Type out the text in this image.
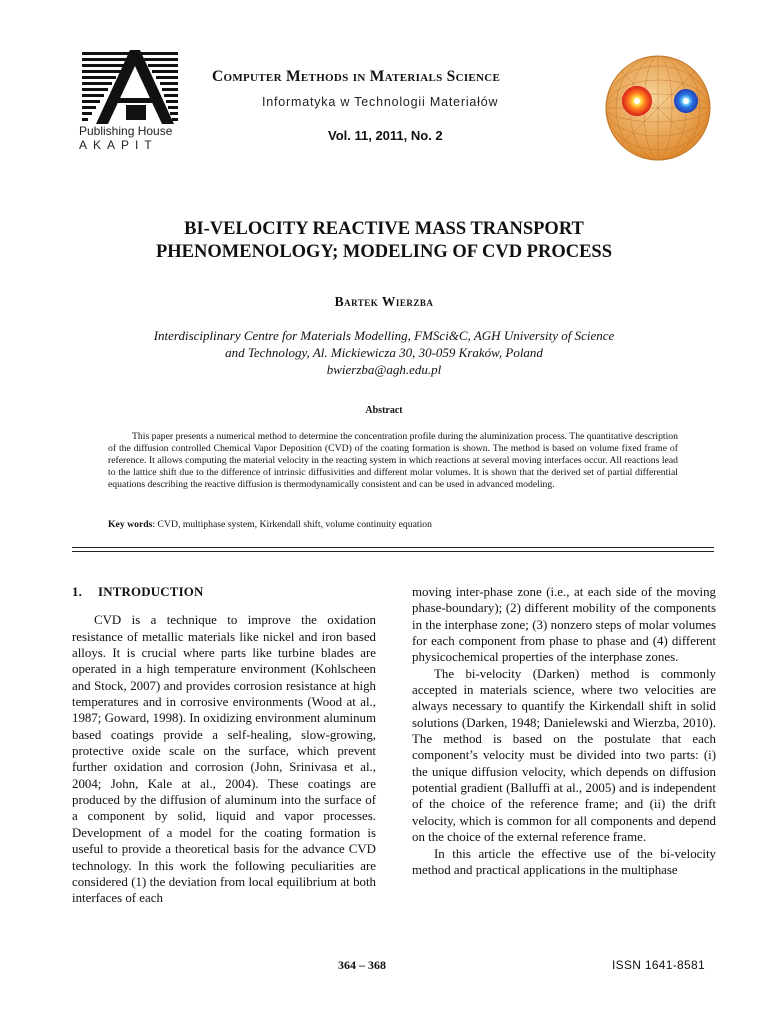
Publishing House
AKAPIT
Computer Methods in Materials Science
Informatyka w Technologii Materiałów
Vol. 11, 2011, No. 2
BI-VELOCITY REACTIVE MASS TRANSPORT
PHENOMENOLOGY; MODELING OF CVD PROCESS
Bartek Wierzba
Interdisciplinary Centre for Materials Modelling, FMSci&C, AGH University of Science
and Technology, Al. Mickiewicza 30, 30-059 Kraków, Poland
bwierzba@agh.edu.pl
Abstract
This paper presents a numerical method to determine the concentration profile during the aluminization process. The quantitative description of the diffusion controlled Chemical Vapor Deposition (CVD) of the coating formation is shown. The method is based on volume fixed frame of reference. It allows computing the material velocity in the reacting system in which reactions at several moving interfaces occur. All reactions lead to the lattice shift due to the difference of intrinsic diffusivities and different molar volumes. It is shown that the derived set of partial differential equations describing the reactive diffusion is thermodynamically consistent and can be used in advanced modeling.
Key words: CVD, multiphase system, Kirkendall shift, volume continuity equation
1. INTRODUCTION

CVD is a technique to improve the oxidation resistance of metallic materials like nickel and iron based alloys. It is crucial where parts like turbine blades are operated in a high temperature environment (Kohlscheen and Stock, 2007) and provides corrosion resistance at high temperatures and in corrosive environments (Wood at al., 1987; Goward, 1998). In oxidizing environment aluminum based coatings provide a self-healing, slow-growing, protective oxide scale on the surface, which prevent further oxidation and corrosion (John, Srinivasa et al., 2004; John, Kale at al., 2004). These coatings are produced by the diffusion of aluminum into the surface of a component by solid, liquid and vapor processes. Development of a model for the coating formation is useful to provide a theoretical basis for the advance CVD technology. In this work the following peculiarities are considered (1) the deviation from local equilibrium at both interfaces of each

moving inter-phase zone (i.e., at each side of the moving phase-boundary); (2) different mobility of the components in the interphase zone; (3) nonzero steps of molar volumes for each component from phase to phase and (4) different physicochemical properties of the interphase zones.

The bi-velocity (Darken) method is commonly accepted in materials science, where two velocities are always necessary to quantify the Kirkendall shift in solid solutions (Darken, 1948; Danielewski and Wierzba, 2010). The method is based on the postulate that each component’s velocity must be divided into two parts: (i) the unique diffusion velocity, which depends on diffusion potential gradient (Balluffi at al., 2005) and is independent of the choice of the reference frame; and (ii) the drift velocity, which is common for all components and depend on the choice of the external reference frame.

In this article the effective use of the bi-velocity method and practical applications in the multiphase

364 – 368	ISSN 1641-8581
